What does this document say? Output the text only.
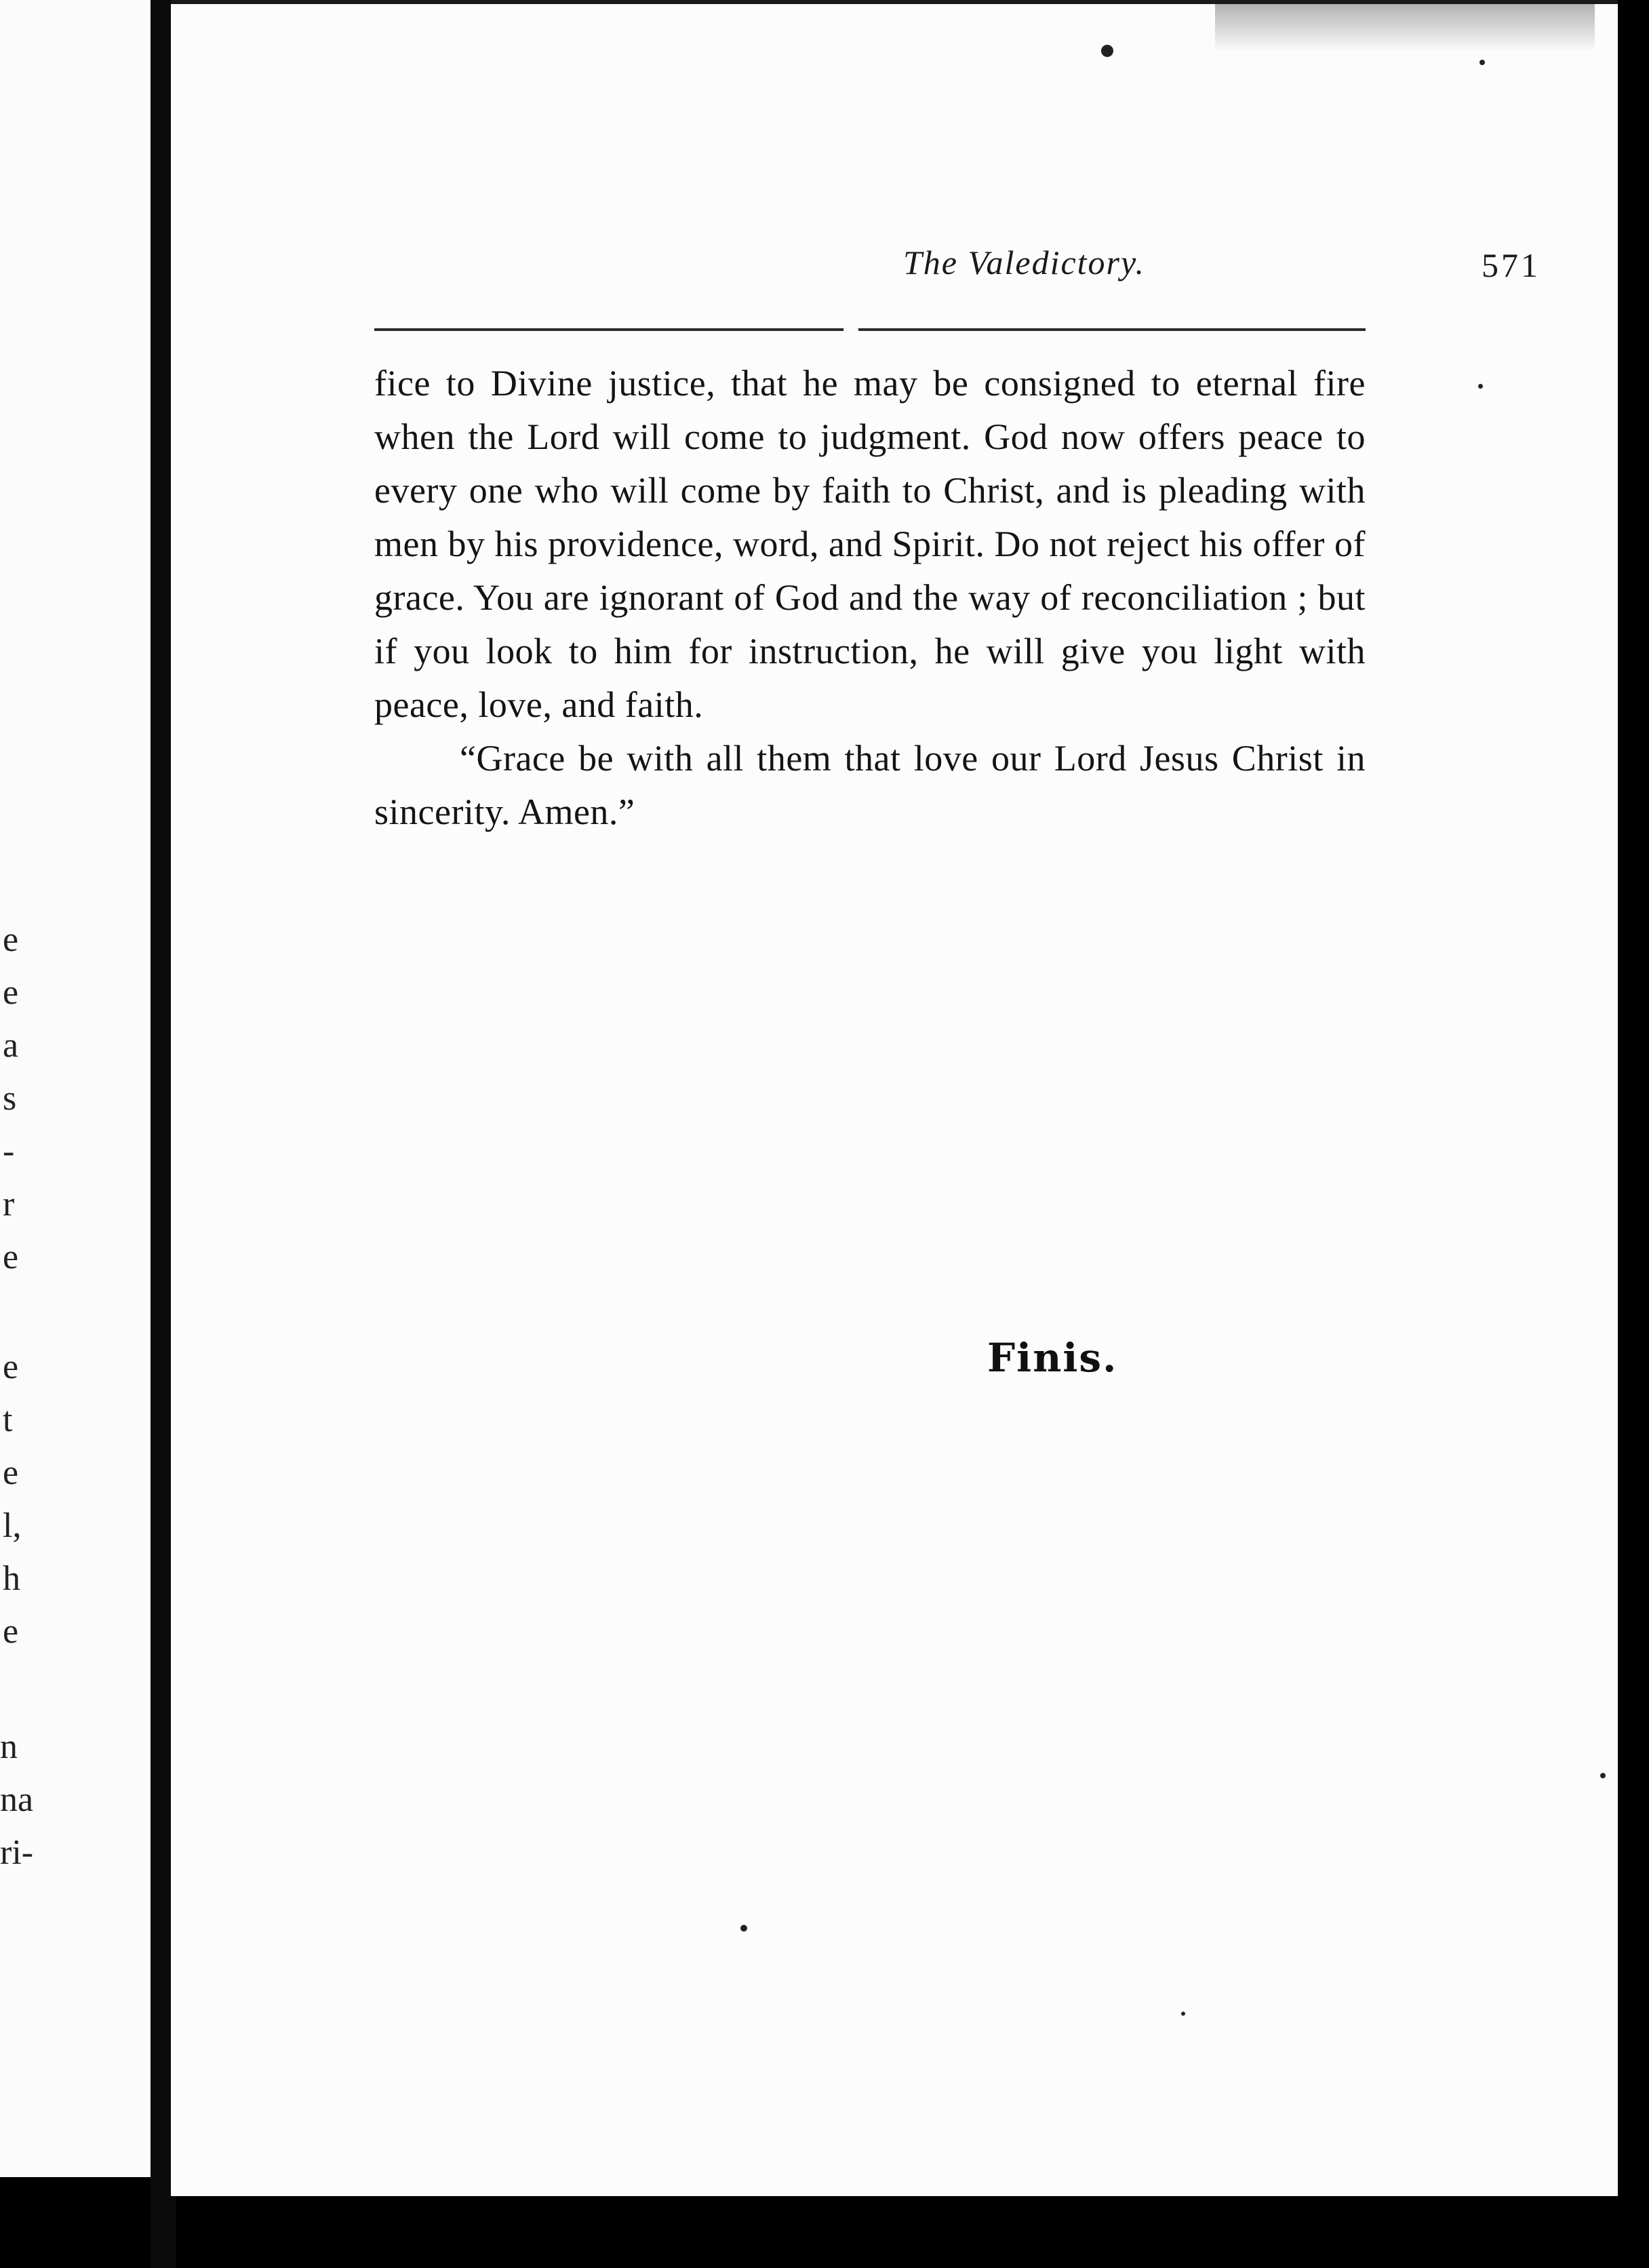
e
e
a
s
-
r
e
e
t
e
l,
h
e
n
na
ri-
The Valedictory.	571

fice to Divine justice, that he may be consigned to eternal fire when the Lord will come to judgment. God now offers peace to every one who will come by faith to Christ, and is pleading with men by his providence, word, and Spirit. Do not reject his offer of grace. You are ignorant of God and the way of reconciliation ; but if you look to him for instruction, he will give you light with peace, love, and faith.

“Grace be with all them that love our Lord Jesus Christ in sincerity. Amen.”

Finis.
